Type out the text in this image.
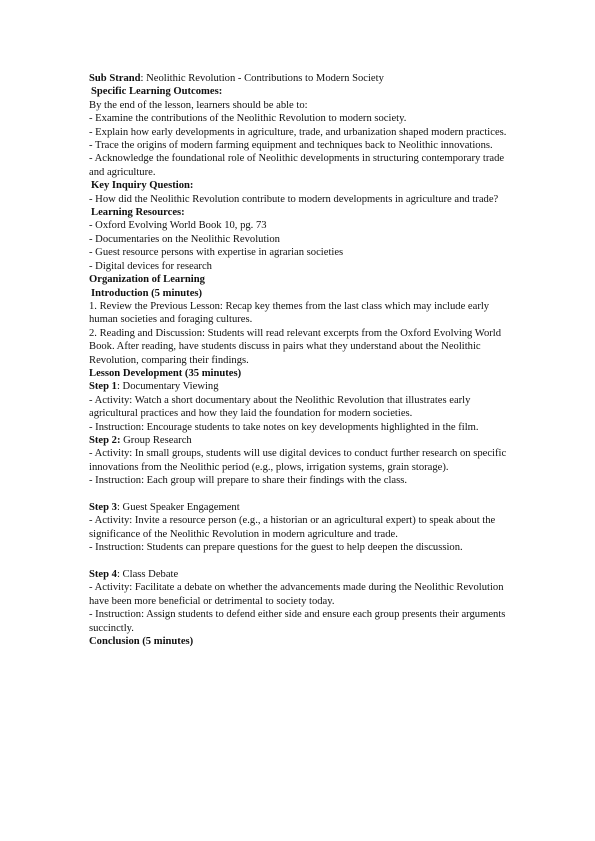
Sub Strand: Neolithic Revolution - Contributions to Modern Society

Specific Learning Outcomes:

By the end of the lesson, learners should be able to:

- Examine the contributions of the Neolithic Revolution to modern society.

- Explain how early developments in agriculture, trade, and urbanization shaped modern practices.

- Trace the origins of modern farming equipment and techniques back to Neolithic innovations.

- Acknowledge the foundational role of Neolithic developments in structuring contemporary trade and agriculture.

Key Inquiry Question:

- How did the Neolithic Revolution contribute to modern developments in agriculture and trade?

Learning Resources:

- Oxford Evolving World Book 10, pg. 73

- Documentaries on the Neolithic Revolution

- Guest resource persons with expertise in agrarian societies

- Digital devices for research

Organization of Learning

Introduction (5 minutes)

1. Review the Previous Lesson: Recap key themes from the last class which may include early human societies and foraging cultures.

2. Reading and Discussion: Students will read relevant excerpts from the Oxford Evolving World Book. After reading, have students discuss in pairs what they understand about the Neolithic Revolution, comparing their findings.

Lesson Development (35 minutes)

Step 1: Documentary Viewing

- Activity: Watch a short documentary about the Neolithic Revolution that illustrates early agricultural practices and how they laid the foundation for modern societies.

- Instruction: Encourage students to take notes on key developments highlighted in the film.

Step 2: Group Research

- Activity: In small groups, students will use digital devices to conduct further research on specific innovations from the Neolithic period (e.g., plows, irrigation systems, grain storage).

- Instruction: Each group will prepare to share their findings with the class.

Step 3: Guest Speaker Engagement

- Activity: Invite a resource person (e.g., a historian or an agricultural expert) to speak about the significance of the Neolithic Revolution in modern agriculture and trade.

- Instruction: Students can prepare questions for the guest to help deepen the discussion.

Step 4: Class Debate

- Activity: Facilitate a debate on whether the advancements made during the Neolithic Revolution have been more beneficial or detrimental to society today.

- Instruction: Assign students to defend either side and ensure each group presents their arguments succinctly.

Conclusion (5 minutes)
